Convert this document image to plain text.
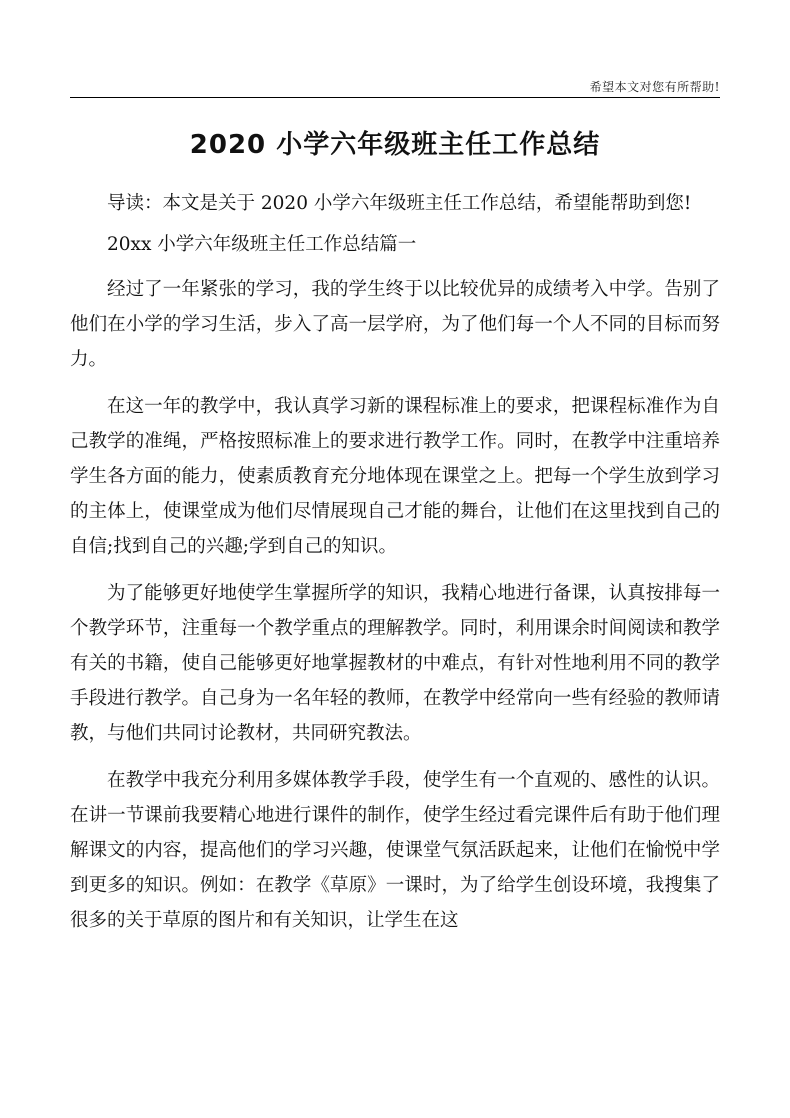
希望本文对您有所帮助!
2020 小学六年级班主任工作总结

导读：本文是关于 2020 小学六年级班主任工作总结，希望能帮助到您!

20xx 小学六年级班主任工作总结篇一

经过了一年紧张的学习，我的学生终于以比较优异的成绩考入中学。告别了他们在小学的学习生活，步入了高一层学府，为了他们每一个人不同的目标而努力。

在这一年的教学中，我认真学习新的课程标准上的要求，把课程标准作为自己教学的准绳，严格按照标准上的要求进行教学工作。同时，在教学中注重培养学生各方面的能力，使素质教育充分地体现在课堂之上。把每一个学生放到学习的主体上，使课堂成为他们尽情展现自己才能的舞台，让他们在这里找到自己的自信;找到自己的兴趣;学到自己的知识。

为了能够更好地使学生掌握所学的知识，我精心地进行备课，认真按排每一个教学环节，注重每一个教学重点的理解教学。同时，利用课余时间阅读和教学有关的书籍，使自己能够更好地掌握教材的中难点，有针对性地利用不同的教学手段进行教学。自己身为一名年轻的教师，在教学中经常向一些有经验的教师请教，与他们共同讨论教材，共同研究教法。

在教学中我充分利用多媒体教学手段，使学生有一个直观的、感性的认识。在讲一节课前我要精心地进行课件的制作，使学生经过看完课件后有助于他们理解课文的内容，提高他们的学习兴趣，使课堂气氛活跃起来，让他们在愉悦中学到更多的知识。例如：在教学《草原》一课时，为了给学生创设环境，我搜集了很多的关于草原的图片和有关知识，让学生在这
